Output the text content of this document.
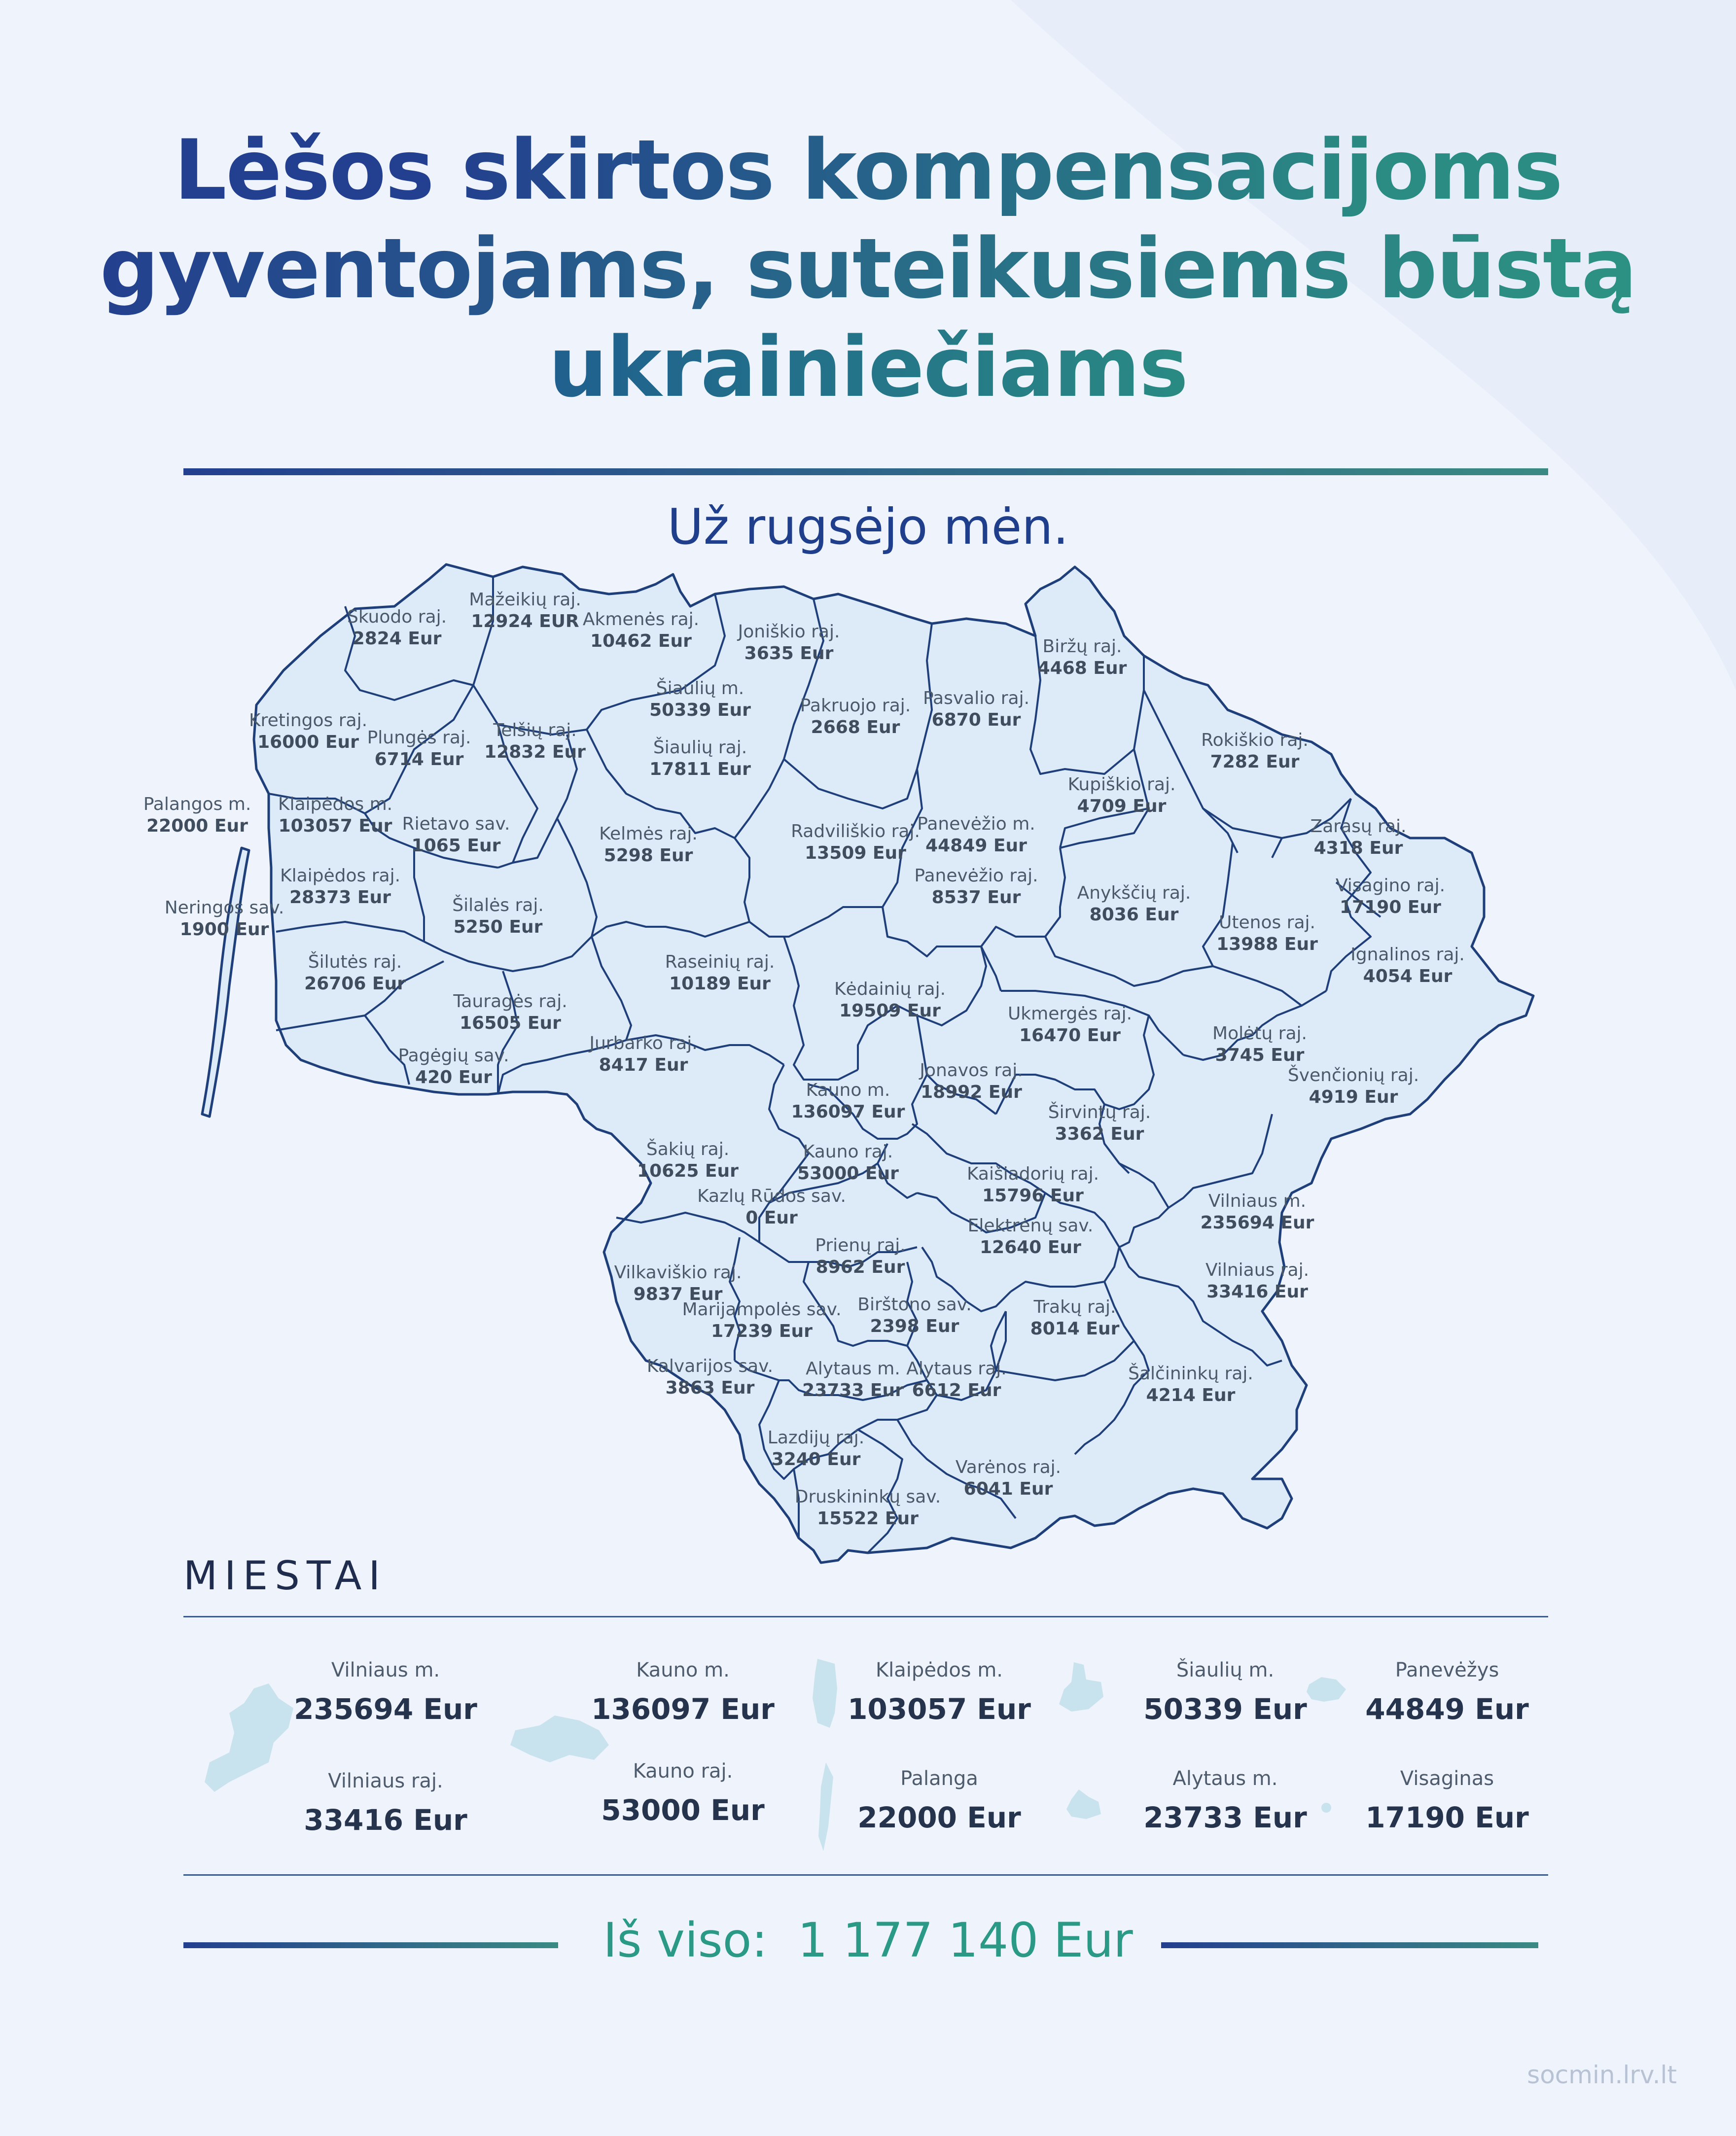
Lėšos skirtos kompensacijoms
gyventojams, suteikusiems būstą
ukrainiečiams
Už rugsėjo mėn.
Skuodo raj.
2824 Eur
Mažeikių raj.
12924 EUR Akmenės raj.
10462 Eur	Joniškio raj.
3635 Eur	Biržų raj.
4468 Eur
Kretingos raj.
16000 Eur Plungės raj.
6714 Eur
Telšių raj.
12832 Eur
Šiaulių m.
50339 Eur
Šiaulių raj.
17811 Eur
Pakruojo raj.
2668 Eur
Pasvalio raj.
6870 Eur
Rokiškio raj.
7282 Eur
Kupiškio raj.
4709 Eur
Palangos m.
22000 Eur
Klaipėdos m.
103057 Eur Rietavo sav.
1065 Eur
Kelmės raj.
5298 Eur
Radviliškio raj.
13509 Eur
Panevėžio m.
44849 Eur
Zarasų raj.
4318 Eur
Klaipėdos raj.
28373 Eur
Panevėžio raj.
8537 Eur	Anykščių raj.
8036 Eur
Visagino raj.
17190 Eur
Neringos sav.
1900 Eur
Šilalės raj.
5250 Eur	Utenos raj.
13988 Eur
Ignalinos raj.
4054 Eur
Šilutės raj.
26706 Eur
Raseinių raj.
10189 Eur	Kėdainių raj.
19509 Eur
Tauragės raj.
16505 Eur	Ukmergės raj.
16470 Eur	Molėtų raj.
3745 Eur
Pagėgių sav.
420 Eur
Jurbarko raj.
8417 Eur	Jonavos raj.
18992 Eur
Švenčionių raj.
4919 Eur
Kauno m.
136097 Eur	Širvintų raj.
3362 Eur
Šakių raj.
10625 Eur
Kauno raj.
53000 Eur	Kaišiadorių raj.
15796 Eur
Kazlų Rūdos sav.
0 Eur
Vilniaus m.
235694 Eur
Elektrėnų sav.
12640 Eur
Prienų raj.
8962 Eur
Vilkaviškio raj.
9837 Eur
Vilniaus raj.
33416 Eur
Marijampolės sav.
17239 Eur
Birštono sav.
2398 Eur
Trakų raj.
8014 Eur
Kalvarijos sav.
3863 Eur
Alytaus m.
23733 Eur
Alytaus raj.
6612 Eur
Šalčininkų raj.
4214 Eur
Lazdijų raj.
3240 Eur	Varėnos raj.
6041 Eur
Druskininkų sav.
15522 Eur
MIESTAI
Vilniaus m.
235694 Eur
Kauno m.
136097 Eur
Klaipėdos m.
103057 Eur
Šiaulių m.
50339 Eur
Panevėžys
44849 Eur
Vilniaus raj.
33416 Eur
Kauno raj.
53000 Eur
Palanga
22000 Eur
Alytaus m.
23733 Eur
Visaginas
17190 Eur
Iš viso: 1 177 140 Eur
socmin.lrv.lt
